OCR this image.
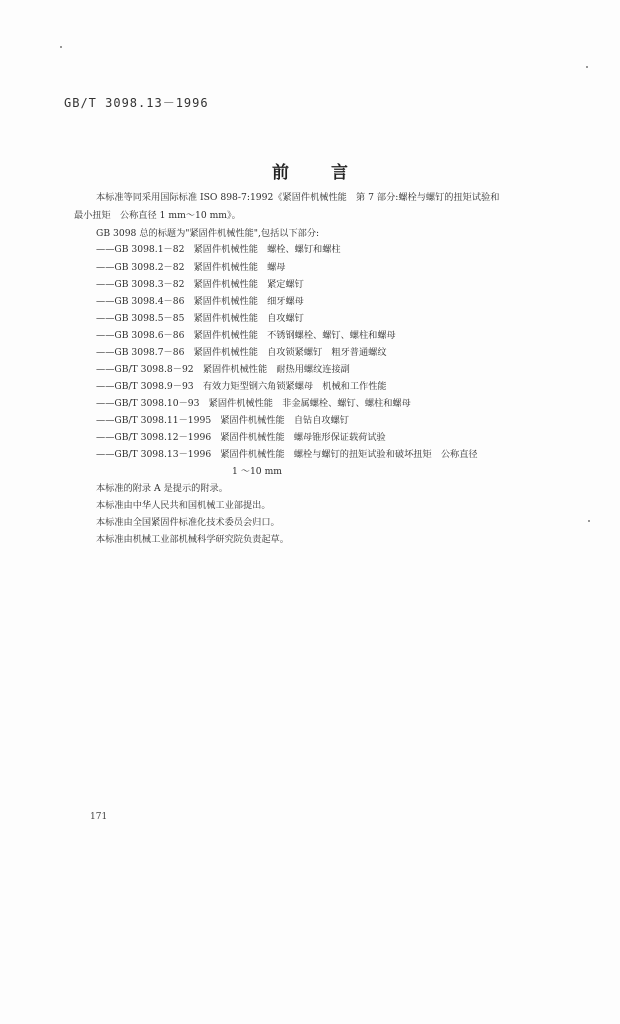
GB/T 3098.13－1996
前 言
本标准等同采用国际标准 ISO 898-7:1992《紧固件机械性能　第 7 部分:螺栓与螺钉的扭矩试验和
最小扭矩　公称直径 1 mm～10 mm》。
GB 3098 总的标题为"紧固件机械性能",包括以下部分:
——GB 3098.1－82　紧固件机械性能　螺栓、螺钉和螺柱
——GB 3098.2－82　紧固件机械性能　螺母
——GB 3098.3－82　紧固件机械性能　紧定螺钉
——GB 3098.4－86　紧固件机械性能　细牙螺母
——GB 3098.5－85　紧固件机械性能　自攻螺钉
——GB 3098.6－86　紧固件机械性能　不锈钢螺栓、螺钉、螺柱和螺母
——GB 3098.7－86　紧固件机械性能　自攻锁紧螺钉　粗牙普通螺纹
——GB/T 3098.8－92　紧固件机械性能　耐热用螺纹连接副
——GB/T 3098.9－93　有效力矩型钢六角锁紧螺母　机械和工作性能
——GB/T 3098.10－93　紧固件机械性能　非金属螺栓、螺钉、螺柱和螺母
——GB/T 3098.11－1995　紧固件机械性能　自钻自攻螺钉
——GB/T 3098.12－1996　紧固件机械性能　螺母锥形保证载荷试验
——GB/T 3098.13－1996　紧固件机械性能　螺栓与螺钉的扭矩试验和破坏扭矩　公称直径
1 ～10 mm
本标准的附录 A 是提示的附录。
本标准由中华人民共和国机械工业部提出。
本标准由全国紧固件标准化技术委员会归口。
本标准由机械工业部机械科学研究院负责起草。
171
